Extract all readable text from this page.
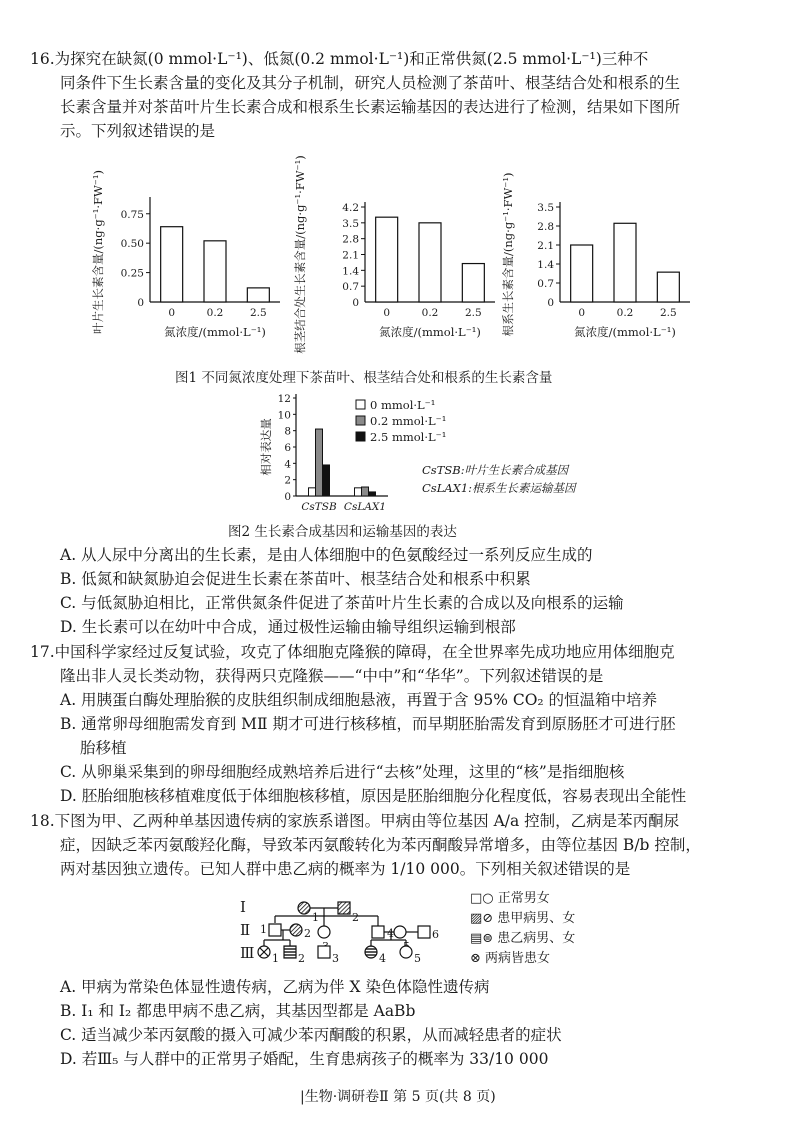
16.为探究在缺氮(0 mmol·L⁻¹)、低氮(0.2 mmol·L⁻¹)和正常供氮(2.5 mmol·L⁻¹)三种不
同条件下生长素含量的变化及其分子机制，研究人员检测了茶苗叶、根茎结合处和根系的生
长素含量并对茶苗叶片生长素合成和根系生长素运输基因的表达进行了检测，结果如下图所
示。下列叙述错误的是
0
0.25
0.50
0.75
0	0.2	2.5
氮浓度/(mmol·L⁻¹)
叶片生长素含量/(ng·g⁻¹·FW⁻¹)	0
0.7
1.4
2.1
2.8
3.5
4.2
0	0.2	2.5
氮浓度/(mmol·L⁻¹)
根茎结合处生长素含量/(ng·g⁻¹·FW⁻¹)	0
0.7
1.4
2.1
2.8
3.5
0	0.2	2.5
氮浓度/(mmol·L⁻¹)
根系生长素含量/(ng·g⁻¹·FW⁻¹)
图1 不同氮浓度处理下茶苗叶、根茎结合处和根系的生长素含量
0
2
4
6
8
10
12
相对表达量
CsTSB CsLAX1
0 mmol·L⁻¹
0.2 mmol·L⁻¹
2.5 mmol·L⁻¹
CsTSB:叶片生长素合成基因
CsLAX1:根系生长素运输基因
图2 生长素合成基因和运输基因的表达
A. 从人尿中分离出的生长素，是由人体细胞中的色氨酸经过一系列反应生成的
B. 低氮和缺氮胁迫会促进生长素在茶苗叶、根茎结合处和根系中积累
C. 与低氮胁迫相比，正常供氮条件促进了茶苗叶片生长素的合成以及向根系的运输
D. 生长素可以在幼叶中合成，通过极性运输由输导组织运输到根部
17.中国科学家经过反复试验，攻克了体细胞克隆猴的障碍，在全世界率先成功地应用体细胞克
隆出非人灵长类动物，获得两只克隆猴——“中中”和“华华”。下列叙述错误的是
A. 用胰蛋白酶处理胎猴的皮肤组织制成细胞悬液，再置于含 95% CO₂ 的恒温箱中培养
B. 通常卵母细胞需发育到 MⅡ 期才可进行核移植，而早期胚胎需发育到原肠胚才可进行胚
胎移植
C. 从卵巢采集到的卵母细胞经成熟培养后进行“去核”处理，这里的“核”是指细胞核
D. 胚胎细胞核移植难度低于体细胞核移植，原因是胚胎细胞分化程度低，容易表现出全能性
18.下图为甲、乙两种单基因遗传病的家族系谱图。甲病由等位基因 A/a 控制，乙病是苯丙酮尿
症，因缺乏苯丙氨酸羟化酶，导致苯丙氨酸转化为苯丙酮酸异常增多，由等位基因 B/b 控制，
两对基因独立遗传。已知人群中患乙病的概率为 1/10 000。下列相关叙述错误的是
Ⅰ
1	2
Ⅱ 1	2	4	6
Ⅲ 1 2 3	4	5
□○ 正常男女
▨⊘ 患甲病男、女
▤⊜ 患乙病男、女
⊗ 两病皆患女
A. 甲病为常染色体显性遗传病，乙病为伴 X 染色体隐性遗传病
B. Ⅰ₁ 和 Ⅰ₂ 都患甲病不患乙病，其基因型都是 AaBb
C. 适当减少苯丙氨酸的摄入可减少苯丙酮酸的积累，从而减轻患者的症状
D. 若Ⅲ₅ 与人群中的正常男子婚配，生育患病孩子的概率为 33/10 000
|生物·调研卷Ⅱ 第 5 页(共 8 页)
